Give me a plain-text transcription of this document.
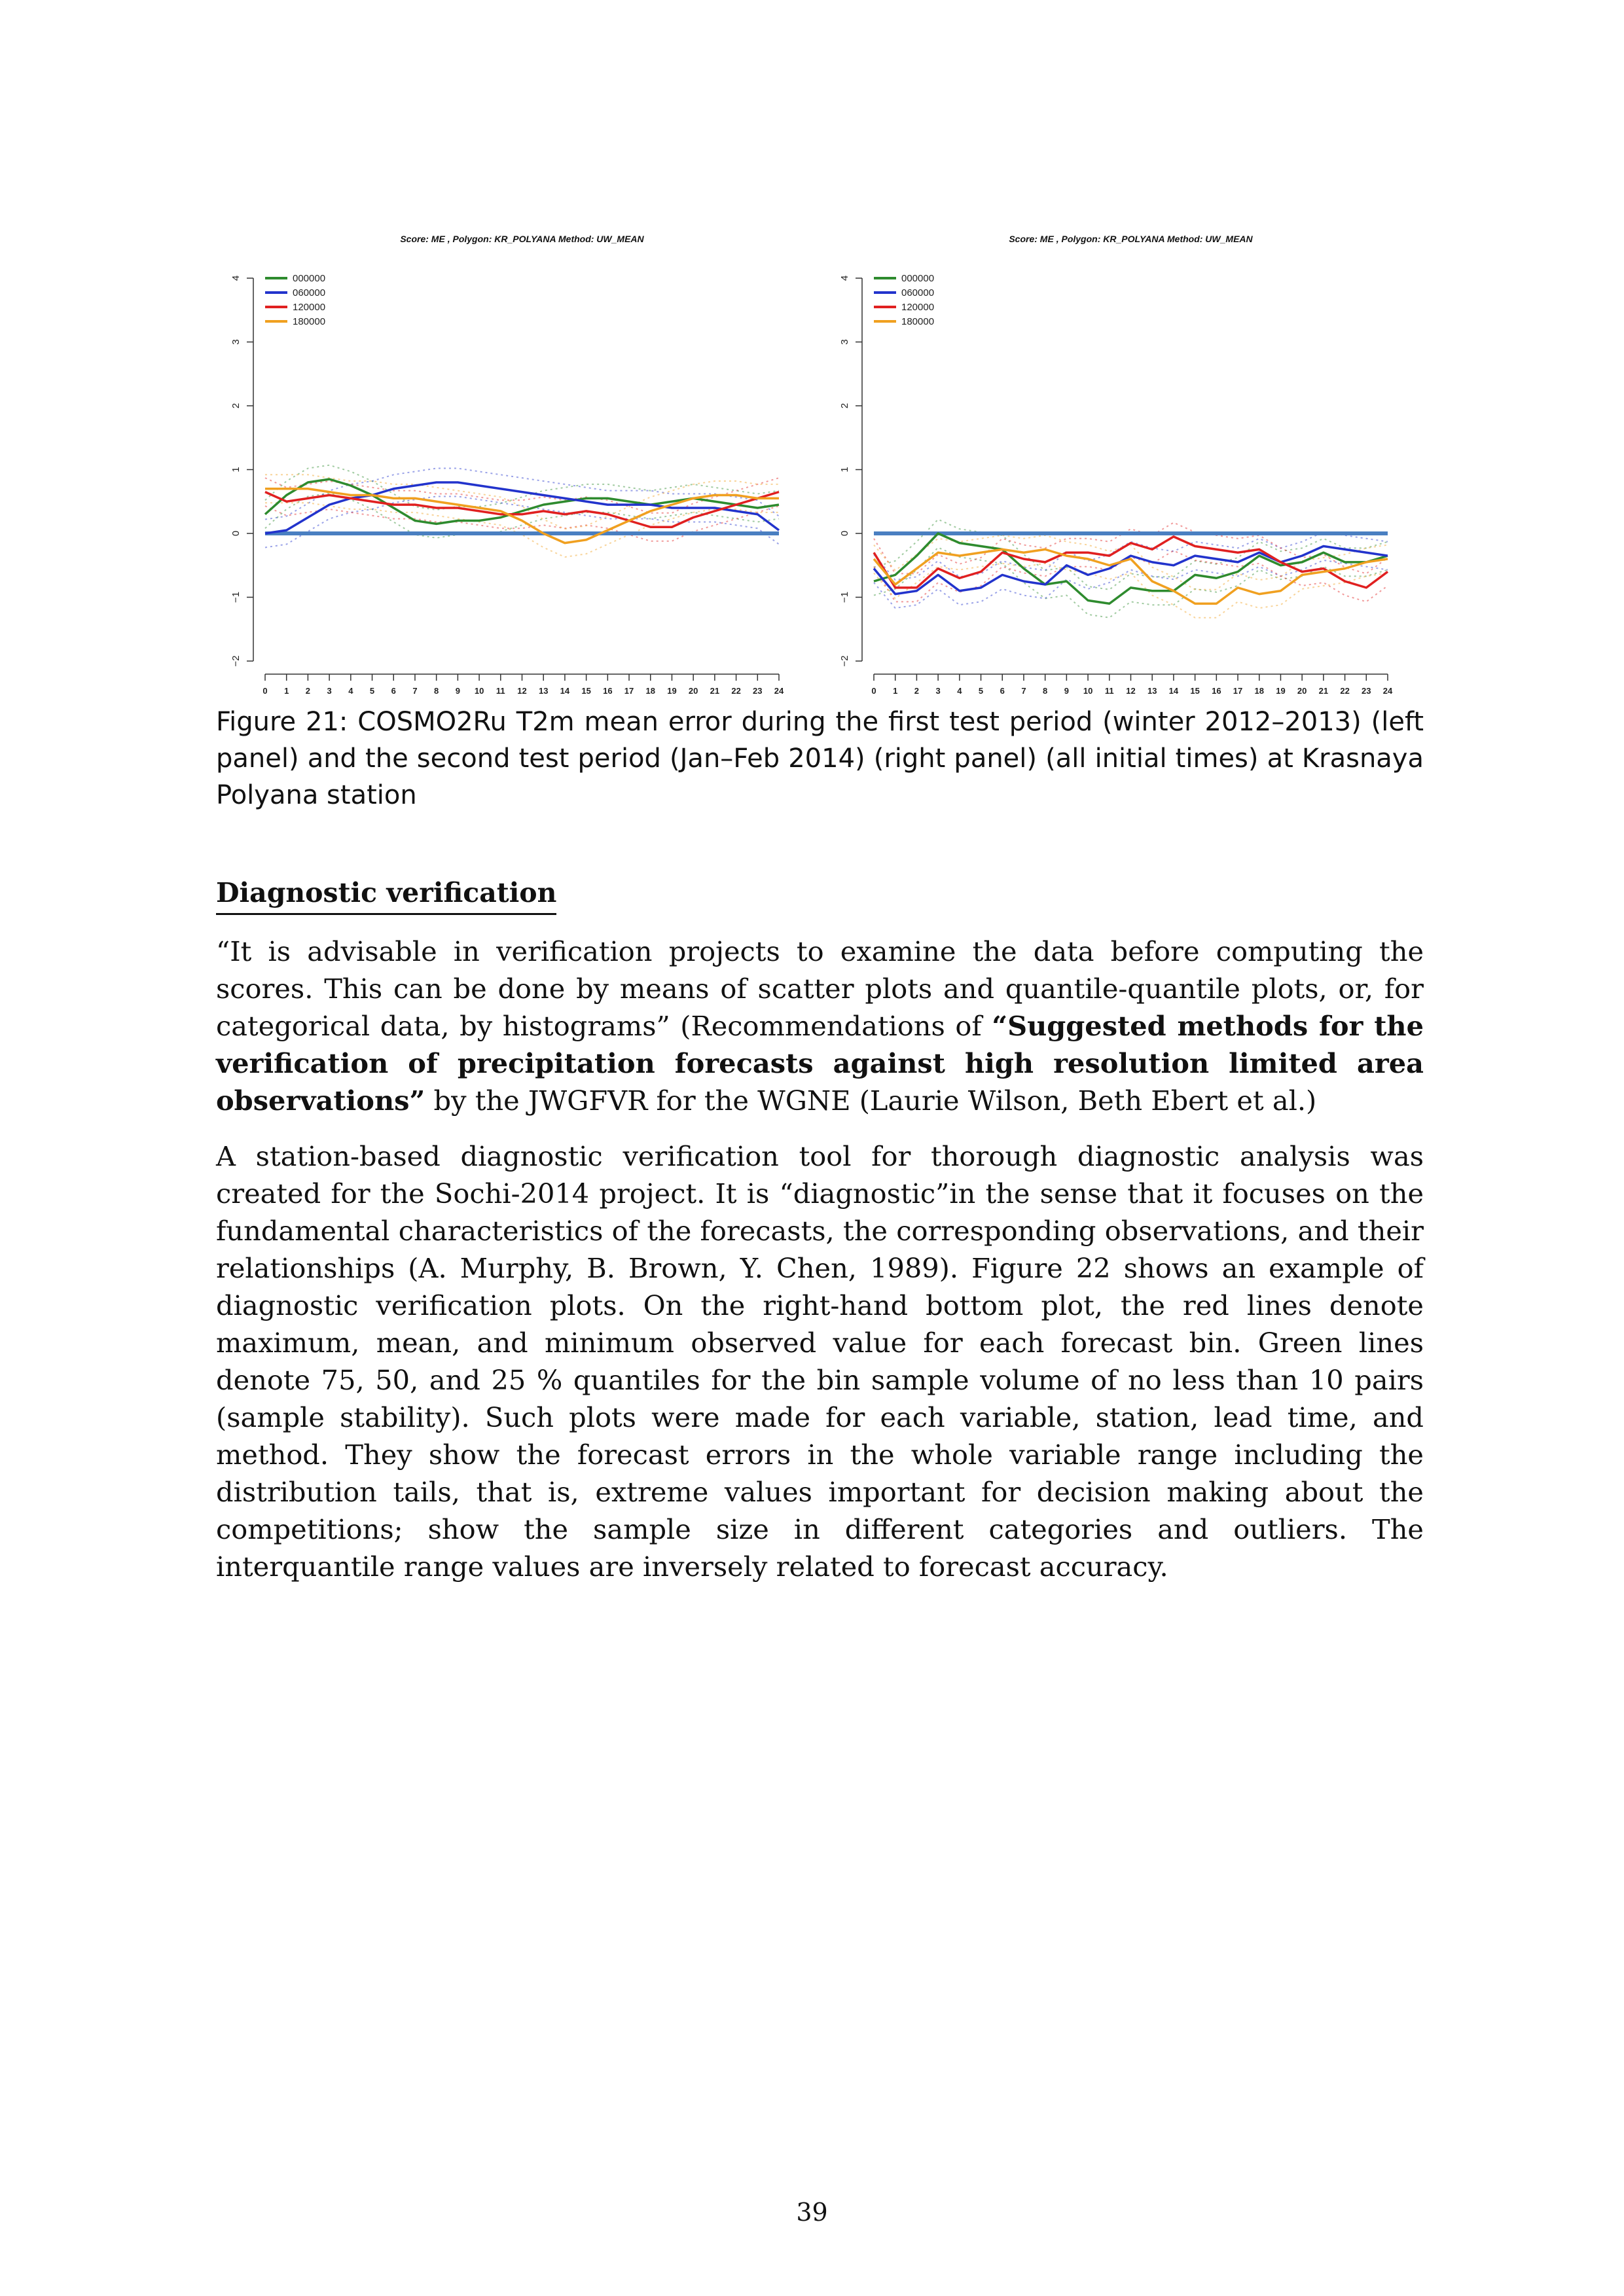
Score: ME , Polygon: KR_POLYANA Method: UW_MEAN
−2
−1
0
1
2
3
4
0 1 2 3 4 5 6 7 8 9 10 11 12 13 14 15 16 17 18 19 20 21 22 23 24
000000
060000
120000
180000
Score: ME , Polygon: KR_POLYANA Method: UW_MEAN
−2
−1
0
1
2
3
4
0 1 2 3 4 5 6 7 8 9 10 11 12 13 14 15 16 17 18 19 20 21 22 23 24
000000
060000
120000
180000

Figure 21: COSMO2Ru T2m mean error during the first test period (winter 2012–2013) (left panel) and the second test period (Jan–Feb 2014) (right panel) (all initial times) at Krasnaya Polyana station

Diagnostic verification

“It is advisable in verification projects to examine the data before computing the scores. This can be done by means of scatter plots and quantile-quantile plots, or, for categorical data, by histograms” (Recommendations of “Suggested methods for the verification of precipitation forecasts against high resolution limited area observations” by the JWGFVR for the WGNE (Laurie Wilson, Beth Ebert et al.)

A station-based diagnostic verification tool for thorough diagnostic analysis was created for the Sochi-2014 project. It is “diagnostic”in the sense that it focuses on the fundamental characteristics of the forecasts, the corresponding observations, and their relationships (A. Murphy, B. Brown, Y. Chen, 1989). Figure 22 shows an example of diagnostic verification plots. On the right-hand bottom plot, the red lines denote maximum, mean, and minimum observed value for each forecast bin. Green lines denote 75, 50, and 25 % quantiles for the bin sample volume of no less than 10 pairs (sample stability). Such plots were made for each variable, station, lead time, and method. They show the forecast errors in the whole variable range including the distribution tails, that is, extreme values important for decision making about the competitions; show the sample size in different categories and outliers. The interquantile range values are inversely related to forecast accuracy.

39
